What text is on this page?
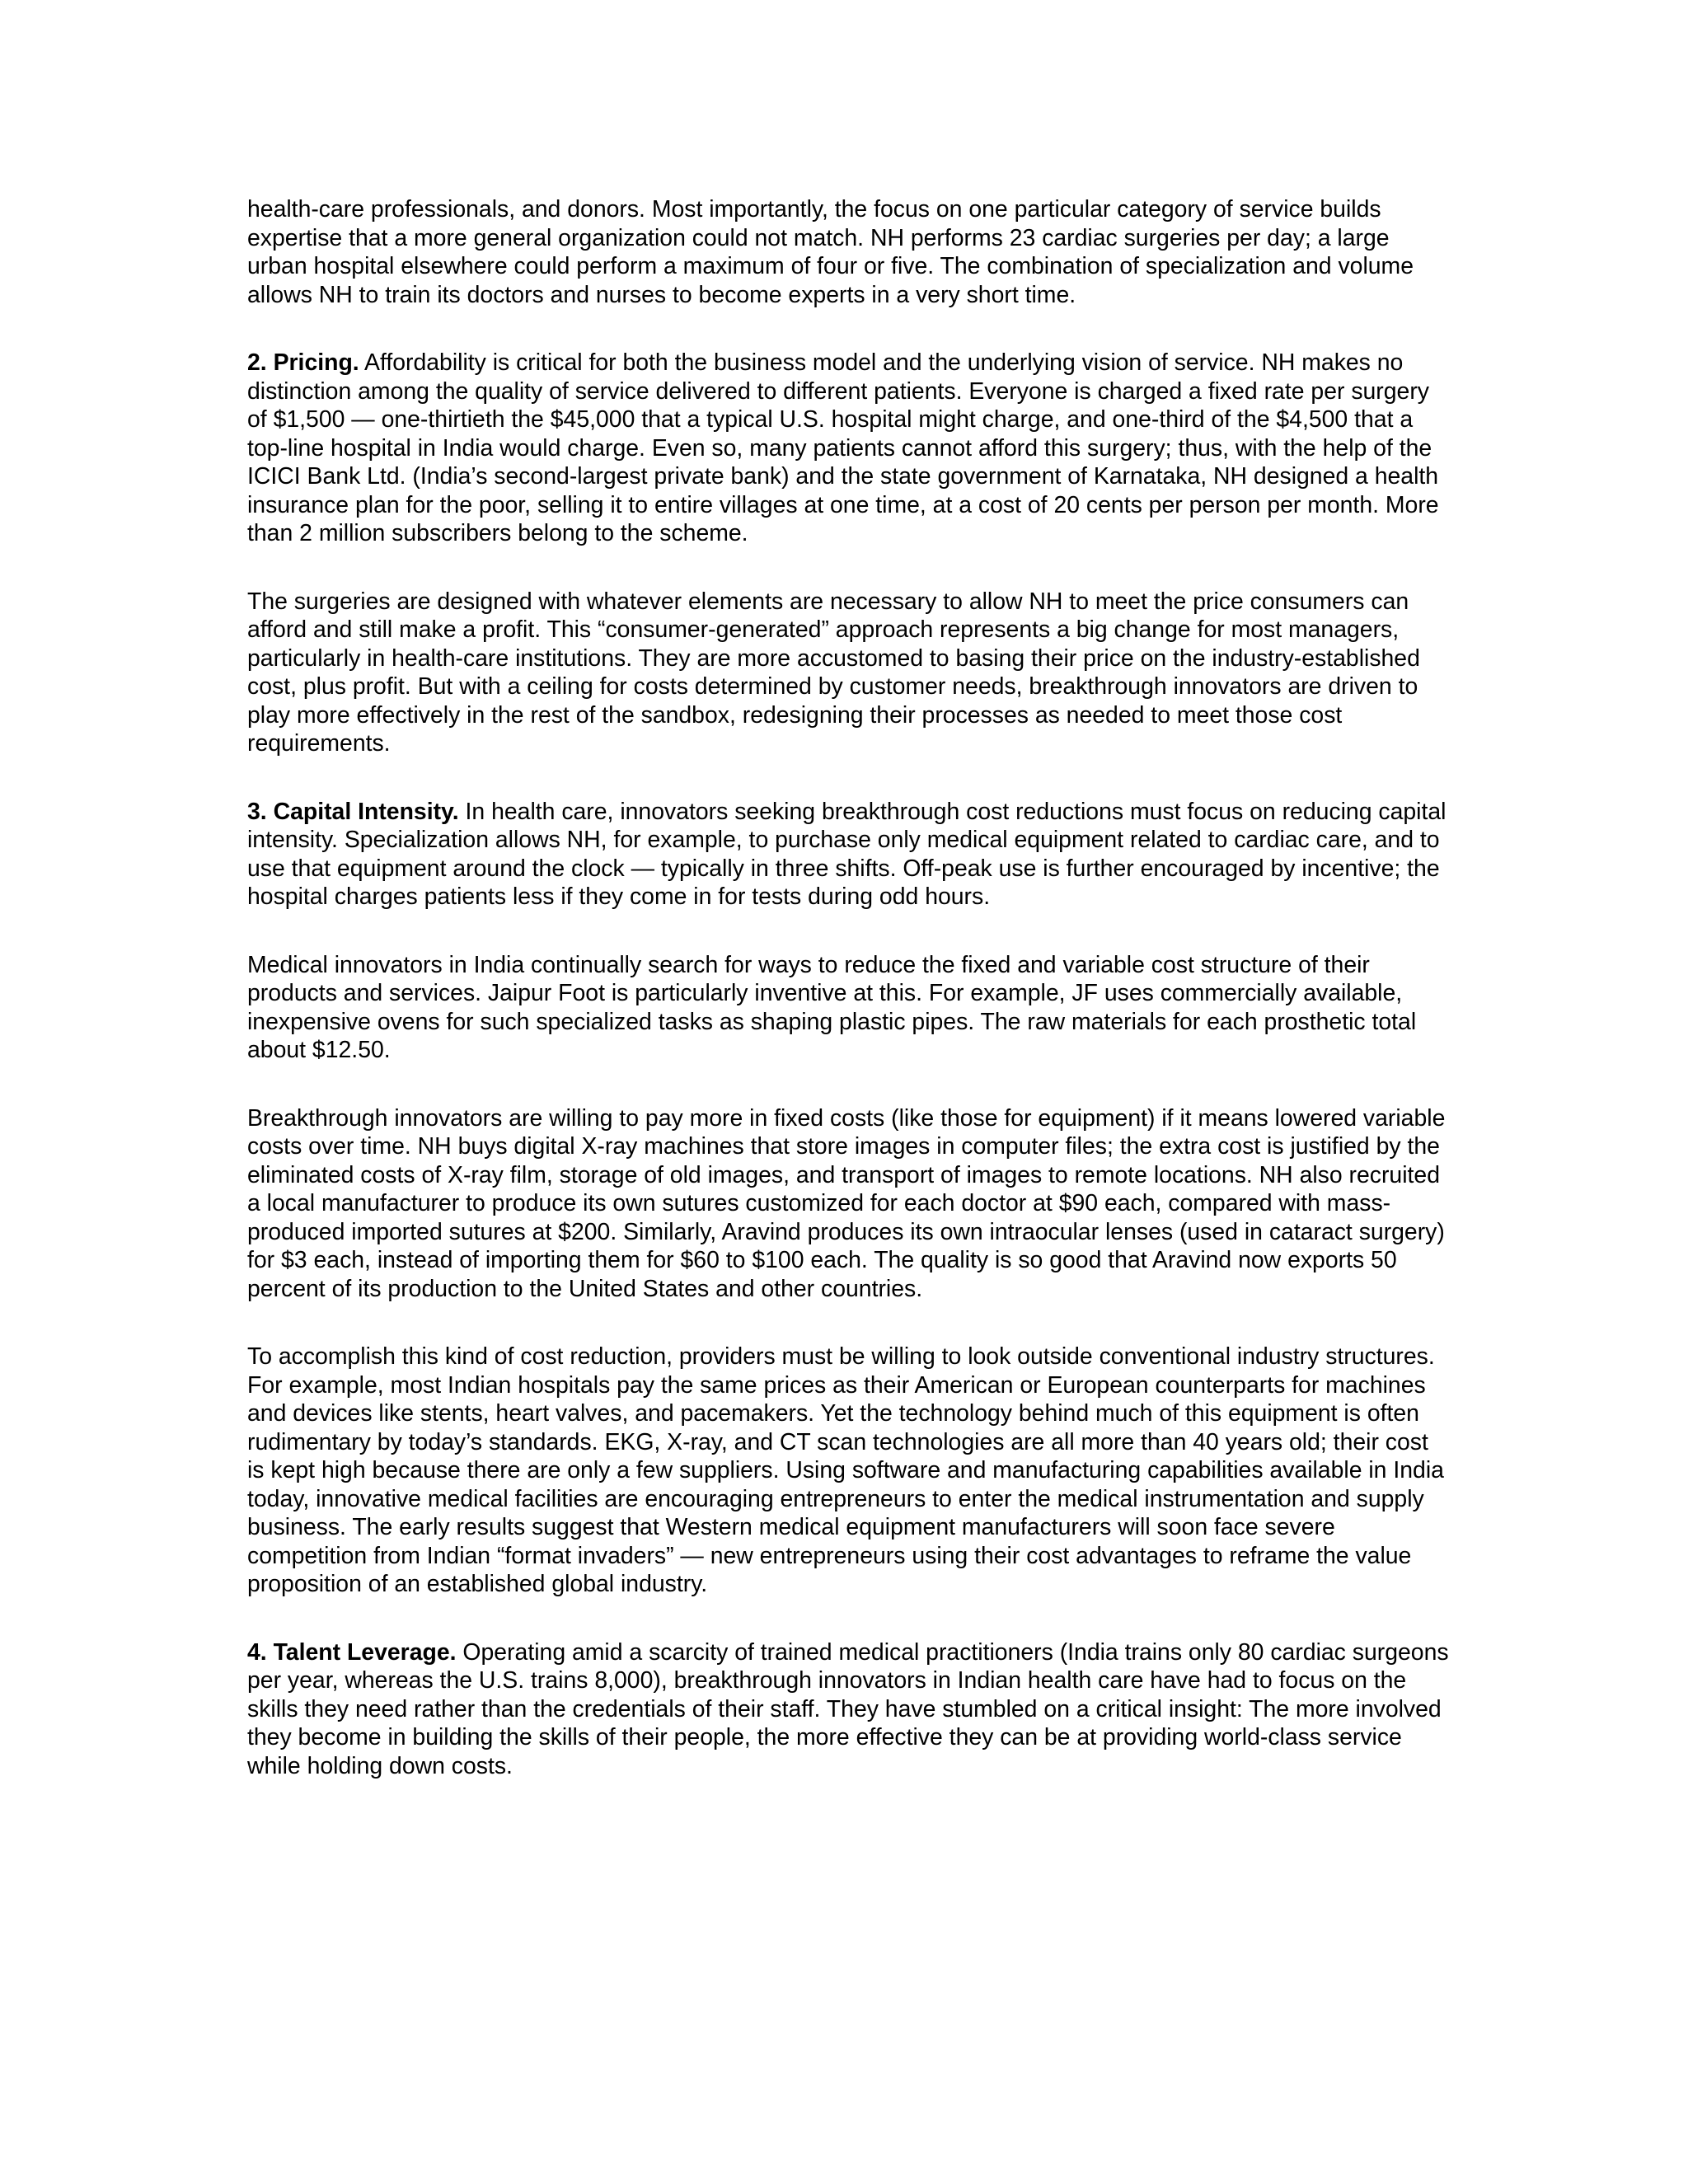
health-care professionals, and donors. Most importantly, the focus on one particular category of service builds expertise that a more general organization could not match. NH performs 23 cardiac surgeries per day; a large urban hospital elsewhere could perform a maximum of four or five. The combination of specialization and volume allows NH to train its doctors and nurses to become experts in a very short time.

2. Pricing. Affordability is critical for both the business model and the underlying vision of service. NH makes no distinction among the quality of service delivered to different patients. Everyone is charged a fixed rate per surgery of $1,500 — one-thirtieth the $45,000 that a typical U.S. hospital might charge, and one-third of the $4,500 that a top-line hospital in India would charge. Even so, many patients cannot afford this surgery; thus, with the help of the ICICI Bank Ltd. (India’s second-largest private bank) and the state government of Karnataka, NH designed a health insurance plan for the poor, selling it to entire villages at one time, at a cost of 20 cents per person per month. More than 2 million subscribers belong to the scheme.

The surgeries are designed with whatever elements are necessary to allow NH to meet the price consumers can afford and still make a profit. This “consumer-generated” approach represents a big change for most managers, particularly in health-care institutions. They are more accustomed to basing their price on the industry-established cost, plus profit. But with a ceiling for costs determined by customer needs, breakthrough innovators are driven to play more effectively in the rest of the sandbox, redesigning their processes as needed to meet those cost requirements.

3. Capital Intensity. In health care, innovators seeking breakthrough cost reductions must focus on reducing capital intensity. Specialization allows NH, for example, to purchase only medical equipment related to cardiac care, and to use that equipment around the clock — typically in three shifts. Off-peak use is further encouraged by incentive; the hospital charges patients less if they come in for tests during odd hours.

Medical innovators in India continually search for ways to reduce the fixed and variable cost structure of their products and services. Jaipur Foot is particularly inventive at this. For example, JF uses commercially available, inexpensive ovens for such specialized tasks as shaping plastic pipes. The raw materials for each prosthetic total about $12.50.

Breakthrough innovators are willing to pay more in fixed costs (like those for equipment) if it means lowered variable costs over time. NH buys digital X-ray machines that store images in computer files; the extra cost is justified by the eliminated costs of X-ray film, storage of old images, and transport of images to remote locations. NH also recruited a local manufacturer to produce its own sutures customized for each doctor at $90 each, compared with mass-produced imported sutures at $200. Similarly, Aravind produces its own intraocular lenses (used in cataract surgery) for $3 each, instead of importing them for $60 to $100 each. The quality is so good that Aravind now exports 50 percent of its production to the United States and other countries.

To accomplish this kind of cost reduction, providers must be willing to look outside conventional industry structures. For example, most Indian hospitals pay the same prices as their American or European counterparts for machines and devices like stents, heart valves, and pacemakers. Yet the technology behind much of this equipment is often rudimentary by today’s standards. EKG, X-ray, and CT scan technologies are all more than 40 years old; their cost is kept high because there are only a few suppliers. Using software and manufacturing capabilities available in India today, innovative medical facilities are encouraging entrepreneurs to enter the medical instrumentation and supply business. The early results suggest that Western medical equipment manufacturers will soon face severe competition from Indian “format invaders” — new entrepreneurs using their cost advantages to reframe the value proposition of an established global industry.

4. Talent Leverage. Operating amid a scarcity of trained medical practitioners (India trains only 80 cardiac surgeons per year, whereas the U.S. trains 8,000), breakthrough innovators in Indian health care have had to focus on the skills they need rather than the credentials of their staff. They have stumbled on a critical insight: The more involved they become in building the skills of their people, the more effective they can be at providing world-class service while holding down costs.
